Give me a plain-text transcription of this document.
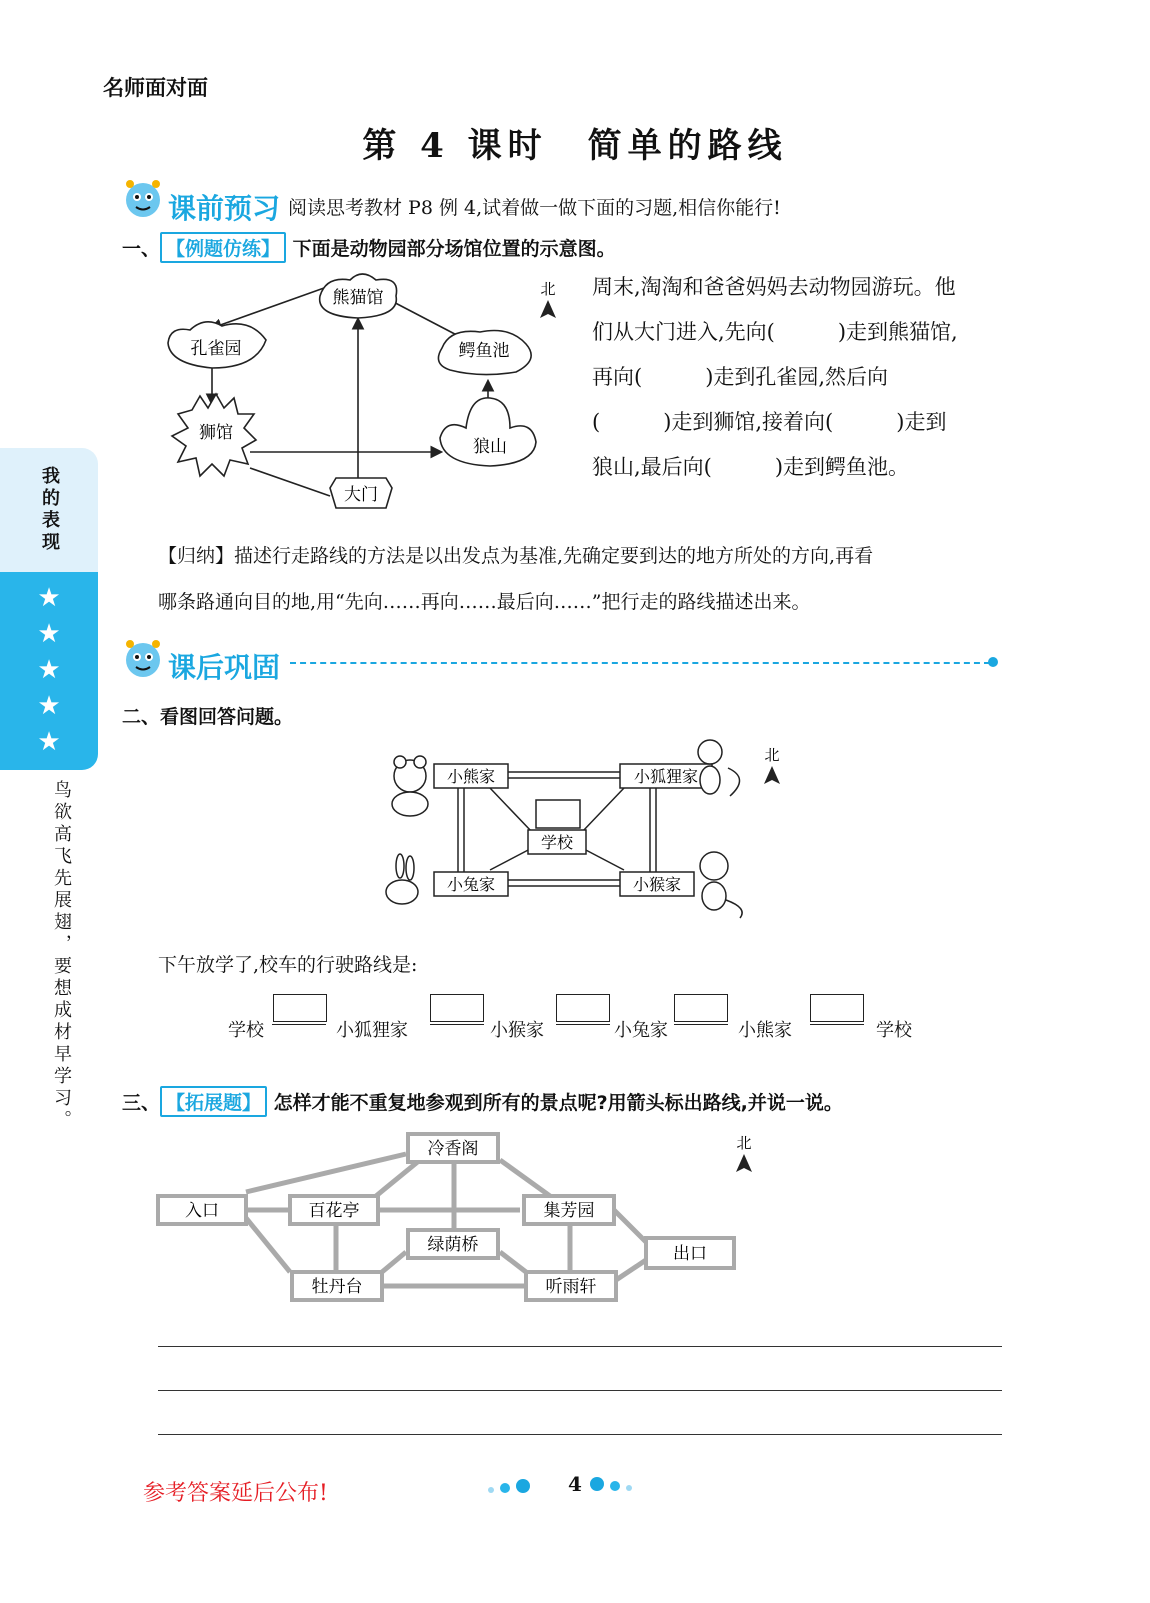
名师面对面
第 4 课时　简单的路线
课前预习 阅读思考教材 P8 例 4,试着做一做下面的习题,相信你能行!
一、 【例题仿练】 下面是动物园部分场馆位置的示意图。
熊猫馆
孔雀园	鳄鱼池
狮馆
狼山
大门
北 周末,淘淘和爸爸妈妈去动物园游玩。他
们从大门进入,先向(　　　)走到熊猫馆,
再向(　　　)走到孔雀园,然后向
(　　　)走到狮馆,接着向(　　　)走到
狼山,最后向(　　　)走到鳄鱼池。
【归纳】描述行走路线的方法是以出发点为基准,先确定要到达的地方所处的方向,再看
哪条路通向目的地,用“先向……再向……最后向……”把行走的路线描述出来。
课后巩固
二、看图回答问题。
小熊家	小狐狸家
学校
小兔家	小猴家
北
下午放学了,校车的行驶路线是:
学校	小狐狸家	小猴家	小兔家	小熊家	学校
三、 【拓展题】 怎样才能不重复地参观到所有的景点呢?用箭头标出路线,并说一说。
入口
冷香阁
百花亭	集芳园
绿荫桥	出口
牡丹台	听雨轩
北
我的表现
★
★
★
★
★
鸟欲高飞先展翅，要想成材早学习。
参考答案延后公布!	4
